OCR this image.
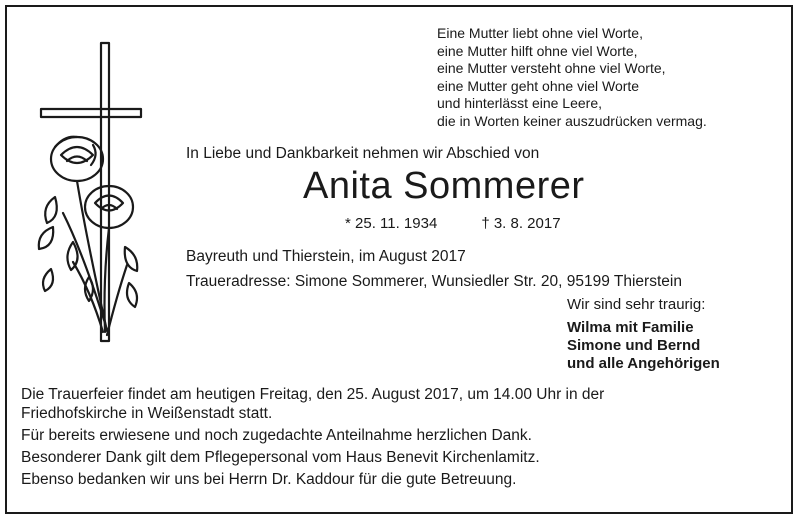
Eine Mutter liebt ohne viel Worte,
eine Mutter hilft ohne viel Worte,
eine Mutter versteht ohne viel Worte,
eine Mutter geht ohne viel Worte
und hinterlässt eine Leere,
die in Worten keiner auszudrücken vermag.
In Liebe und Dankbarkeit nehmen wir Abschied von
Anita Sommerer
* 25. 11. 1934	† 3. 8. 2017
Bayreuth und Thierstein, im August 2017
Traueradresse: Simone Sommerer, Wunsiedler Str. 20, 95199 Thierstein
Wir sind sehr traurig:
Wilma mit Familie
Simone und Bernd
und alle Angehörigen
Die Trauerfeier findet am heutigen Freitag, den 25. August 2017, um 14.00 Uhr in der
Friedhofskirche in Weißenstadt statt.
Für bereits erwiesene und noch zugedachte Anteilnahme herzlichen Dank.
Besonderer Dank gilt dem Pflegepersonal vom Haus Benevit Kirchenlamitz.
Ebenso bedanken wir uns bei Herrn Dr. Kaddour für die gute Betreuung.
